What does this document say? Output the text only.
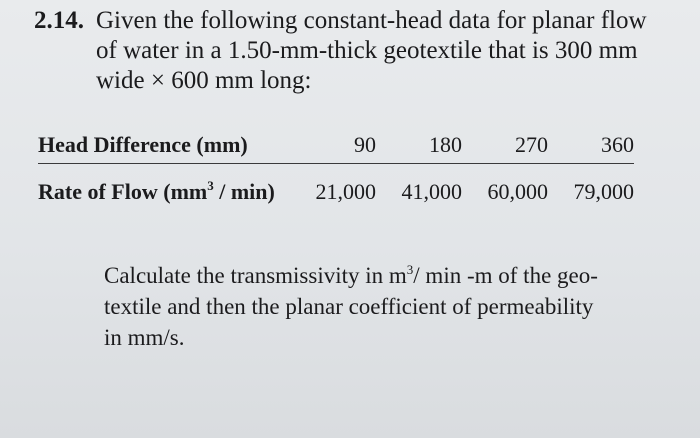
2.14. Given the following constant-head data for planar flow
of water in a 1.50-mm-thick geotextile that is 300 mm
wide × 600 mm long:
Head Difference (mm)	90	180	270	360
Rate of Flow $(mm^3 / \min)$	21,000	41,000	60,000	79,000
Calculate the transmissivity in $m^3/$ min -m of the geo-
textile and then the planar coefficient of permeability
in mm/s.
